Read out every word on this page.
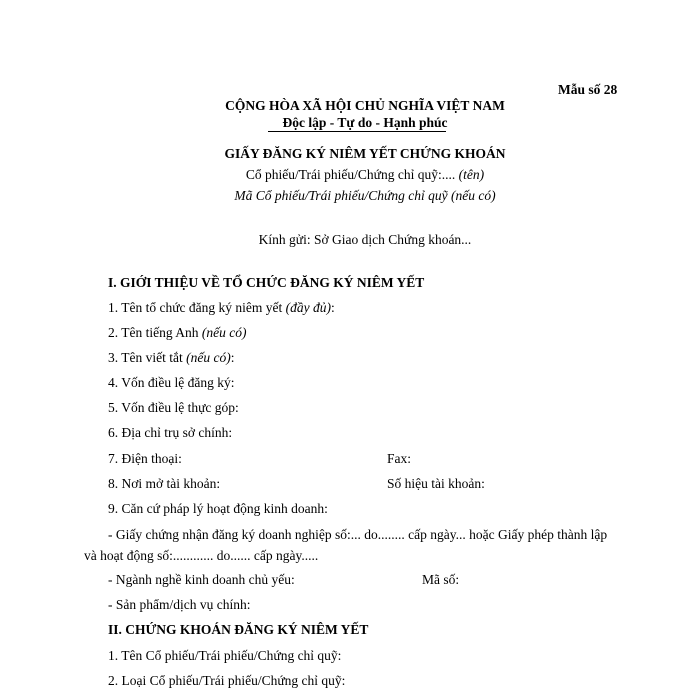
Mẫu số 28
CỘNG HÒA XÃ HỘI CHỦ NGHĨA VIỆT NAM
Độc lập - Tự do - Hạnh phúc
GIẤY ĐĂNG KÝ NIÊM YẾT CHỨNG KHOÁN
Cổ phiếu/Trái phiếu/Chứng chỉ quỹ:.... (tên)
Mã Cổ phiếu/Trái phiếu/Chứng chỉ quỹ (nếu có)
Kính gửi: Sở Giao dịch Chứng khoán...
I. GIỚI THIỆU VỀ TỔ CHỨC ĐĂNG KÝ NIÊM YẾT
1. Tên tổ chức đăng ký niêm yết (đầy đủ):
2. Tên tiếng Anh (nếu có)
3. Tên viết tắt (nếu có):
4. Vốn điều lệ đăng ký:
5. Vốn điều lệ thực góp:
6. Địa chỉ trụ sở chính:
7. Điện thoại:	Fax:
8. Nơi mở tài khoản:	Số hiệu tài khoản:
9. Căn cứ pháp lý hoạt động kinh doanh:
- Giấy chứng nhận đăng ký doanh nghiệp số:... do........ cấp ngày... hoặc Giấy phép thành lập
và hoạt động số:............ do...... cấp ngày.....
- Ngành nghề kinh doanh chủ yếu:	Mã số:
- Sản phẩm/dịch vụ chính:
II. CHỨNG KHOÁN ĐĂNG KÝ NIÊM YẾT
1. Tên Cổ phiếu/Trái phiếu/Chứng chỉ quỹ:
2. Loại Cổ phiếu/Trái phiếu/Chứng chỉ quỹ:
